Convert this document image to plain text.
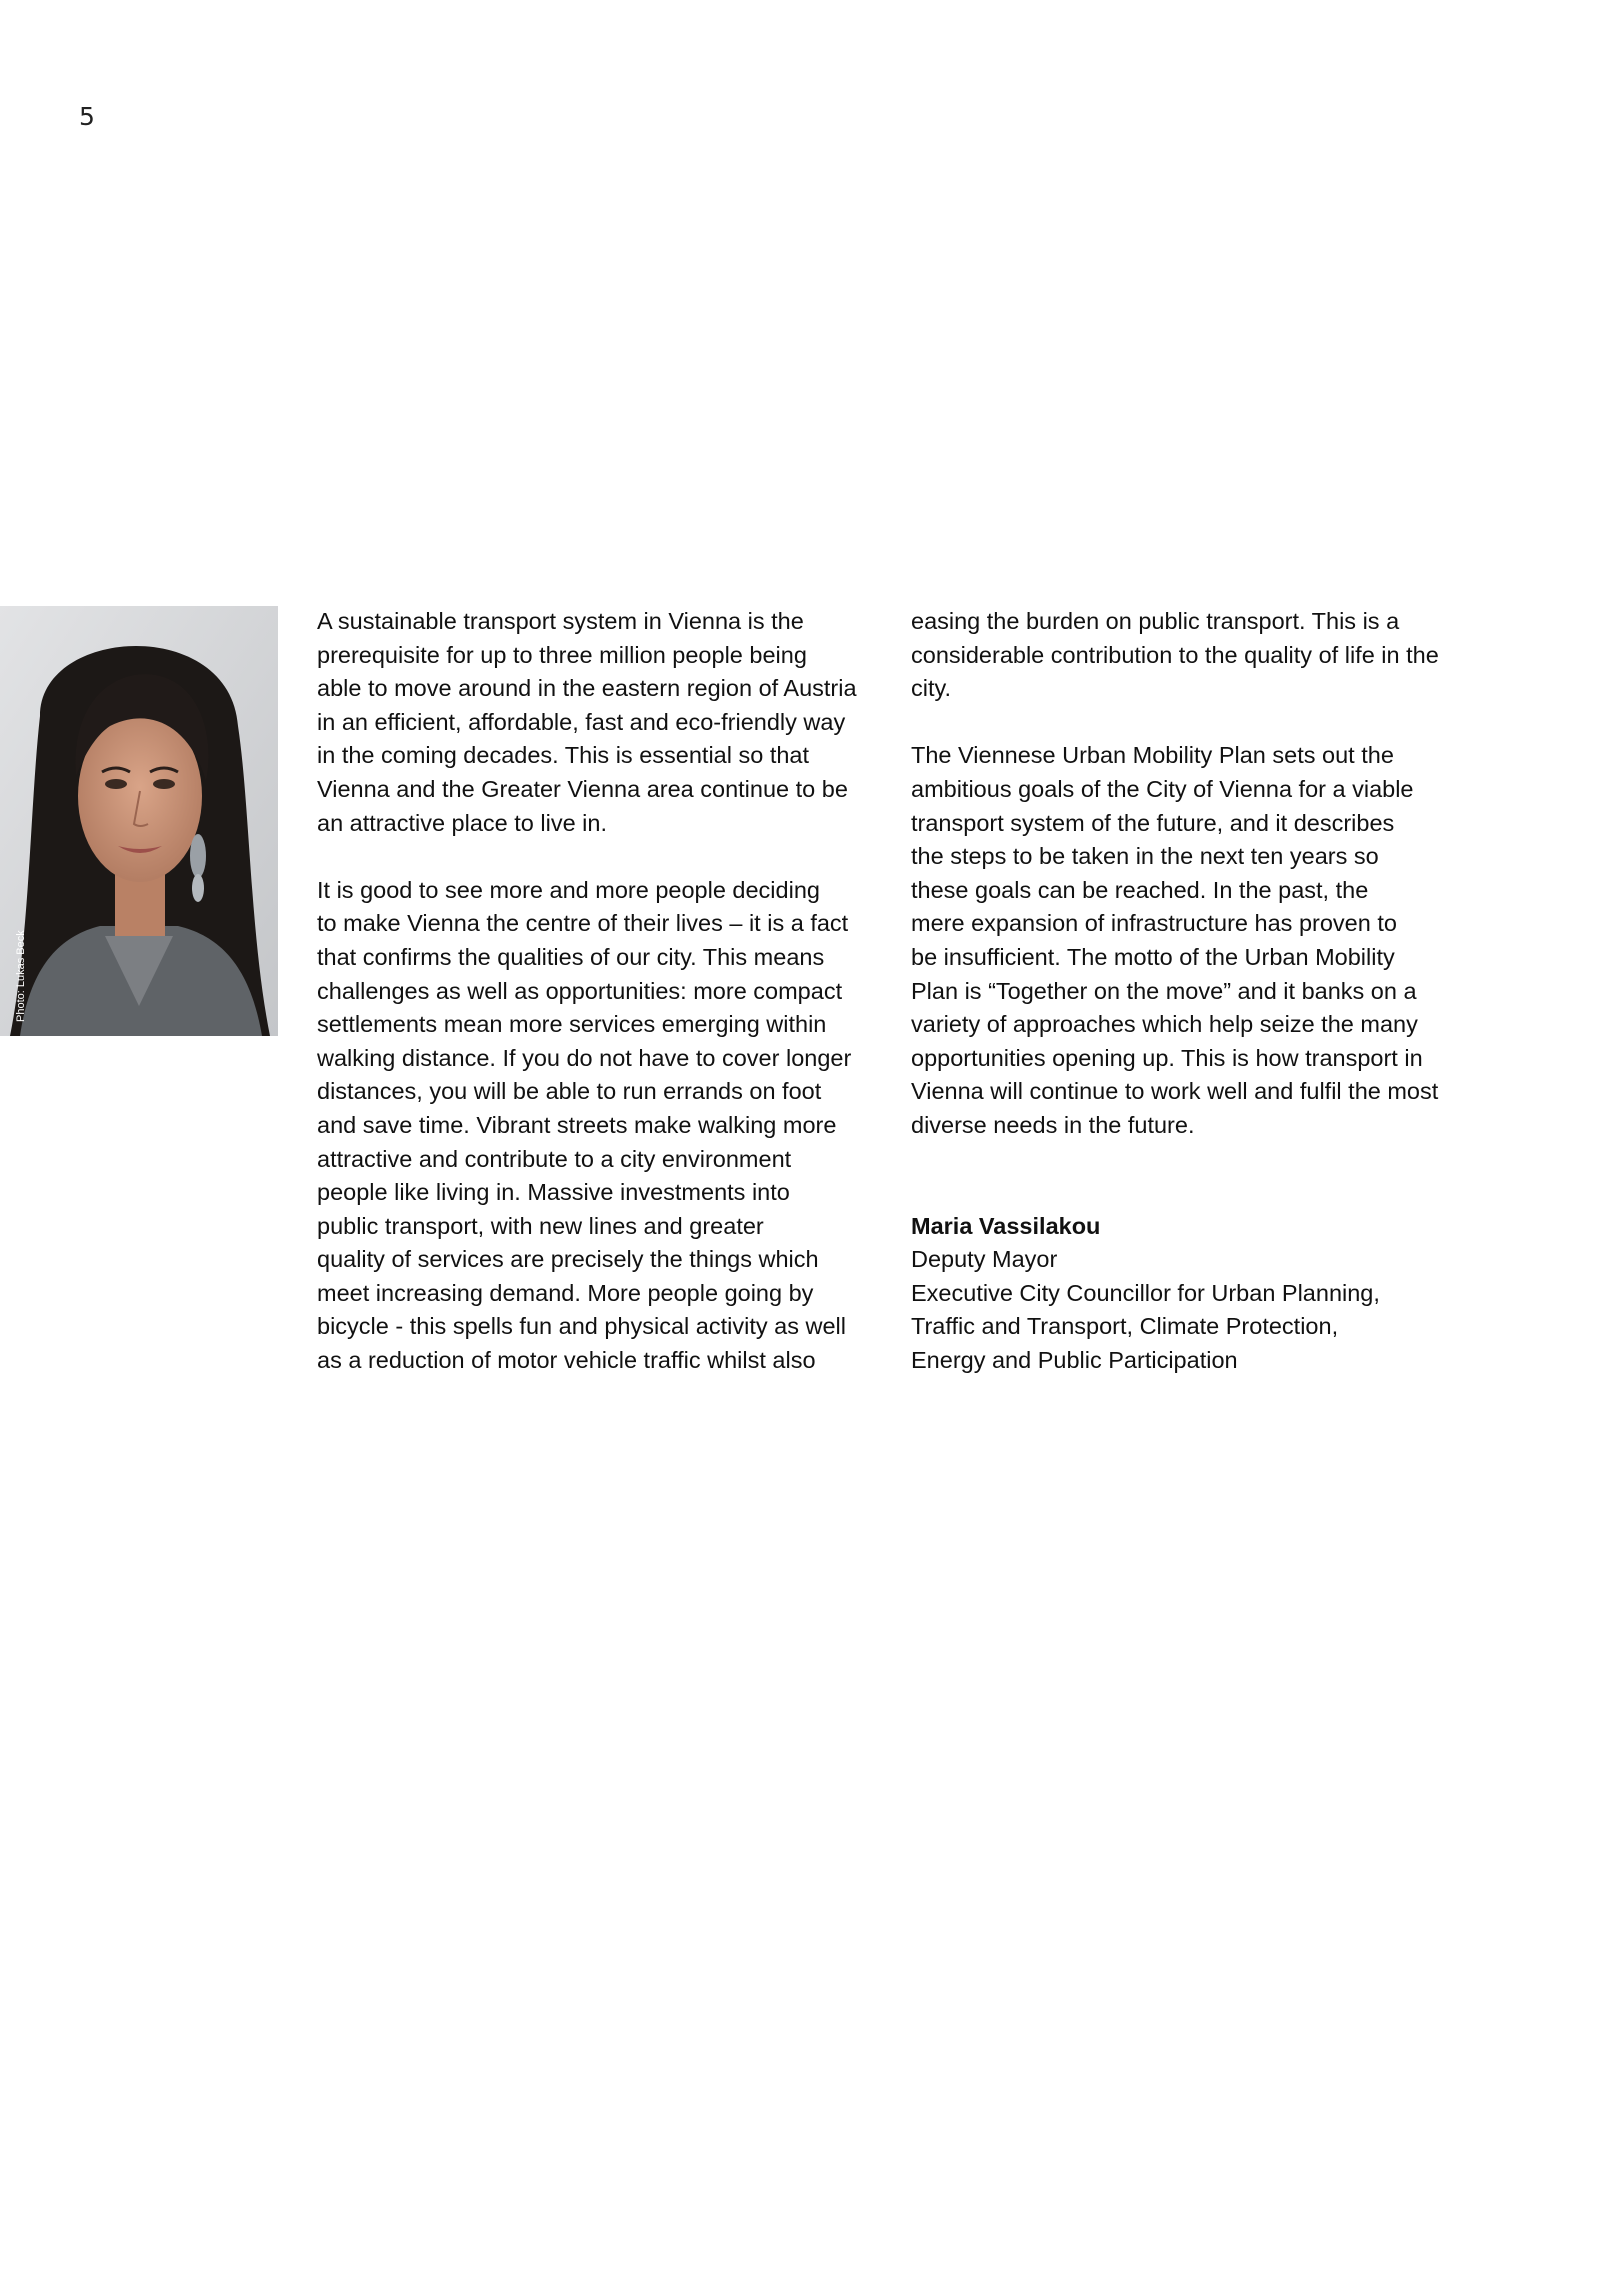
5
Photo: Lukas Beck
A sustainable transport system in Vienna is the
prerequisite for up to three million people being
able to move around in the eastern region of Austria
in an efficient, affordable, fast and eco-friendly way
in the coming decades. This is essential so that
Vienna and the Greater Vienna area continue to be
an attractive place to live in.
It is good to see more and more people deciding
to make Vienna the centre of their lives – it is a fact
that confirms the qualities of our city. This means
challenges as well as opportunities: more compact
settlements mean more services emerging within
walking distance. If you do not have to cover longer
distances, you will be able to run errands on foot
and save time. Vibrant streets make walking more
attractive and contribute to a city environment
people like living in. Massive investments into
public transport, with new lines and greater
quality of services are precisely the things which
meet increasing demand. More people going by
bicycle - this spells fun and physical activity as well
as a reduction of motor vehicle traffic whilst also
easing the burden on public transport. This is a
considerable contribution to the quality of life in the
city.
The Viennese Urban Mobility Plan sets out the
ambitious goals of the City of Vienna for a viable
transport system of the future, and it describes
the steps to be taken in the next ten years so
these goals can be reached. In the past, the
mere expansion of infrastructure has proven to
be insufficient. The motto of the Urban Mobility
Plan is “Together on the move” and it banks on a
variety of approaches which help seize the many
opportunities opening up. This is how transport in
Vienna will continue to work well and fulfil the most
diverse needs in the future.
Maria Vassilakou
Deputy Mayor
Executive City Councillor for Urban Planning,
Traffic and Transport, Climate Protection,
Energy and Public Participation
